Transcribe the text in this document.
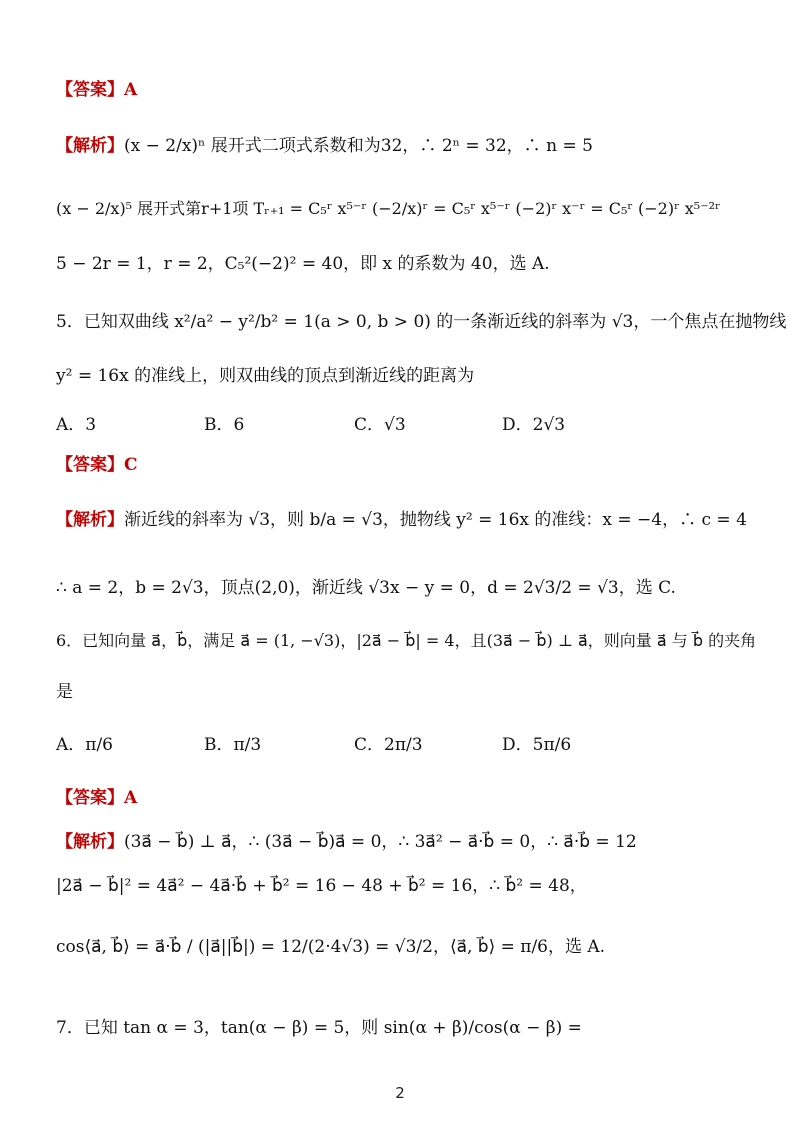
【答案】A
【解析】(x − 2/x)ⁿ 展开式二项式系数和为32，∴ 2ⁿ = 32，∴ n = 5
(x − 2/x)⁵ 展开式第r+1项 Tᵣ₊₁ = C₅ʳ x⁵⁻ʳ (−2/x)ʳ = C₅ʳ x⁵⁻ʳ (−2)ʳ x⁻ʳ = C₅ʳ (−2)ʳ x⁵⁻²ʳ
5 − 2r = 1，r = 2，C₅²(−2)² = 40，即 x 的系数为 40，选 A.
5．已知双曲线 x²/a² − y²/b² = 1(a > 0, b > 0) 的一条渐近线的斜率为 √3，一个焦点在抛物线
y² = 16x 的准线上，则双曲线的顶点到渐近线的距离为
A．3	B．6	C．√3	D．2√3
【答案】C
【解析】渐近线的斜率为 √3，则 b/a = √3，抛物线 y² = 16x 的准线：x = −4，∴ c = 4
∴ a = 2，b = 2√3，顶点(2,0)，渐近线 √3x − y = 0，d = 2√3/2 = √3，选 C.
6．已知向量 a⃗，b⃗，满足 a⃗ = (1, −√3)，|2a⃗ − b⃗| = 4，且(3a⃗ − b⃗) ⊥ a⃗，则向量 a⃗ 与 b⃗ 的夹角
是
A．π/6	B．π/3	C．2π/3	D．5π/6
【答案】A
【解析】(3a⃗ − b⃗) ⊥ a⃗，∴ (3a⃗ − b⃗)a⃗ = 0，∴ 3a⃗² − a⃗·b⃗ = 0，∴ a⃗·b⃗ = 12
|2a⃗ − b⃗|² = 4a⃗² − 4a⃗·b⃗ + b⃗² = 16 − 48 + b⃗² = 16，∴ b⃗² = 48，
cos⟨a⃗, b⃗⟩ = a⃗·b⃗ / (|a⃗||b⃗|) = 12/(2·4√3) = √3/2，⟨a⃗, b⃗⟩ = π/6，选 A.
7．已知 tan α = 3，tan(α − β) = 5，则 sin(α + β)/cos(α − β) =
2
